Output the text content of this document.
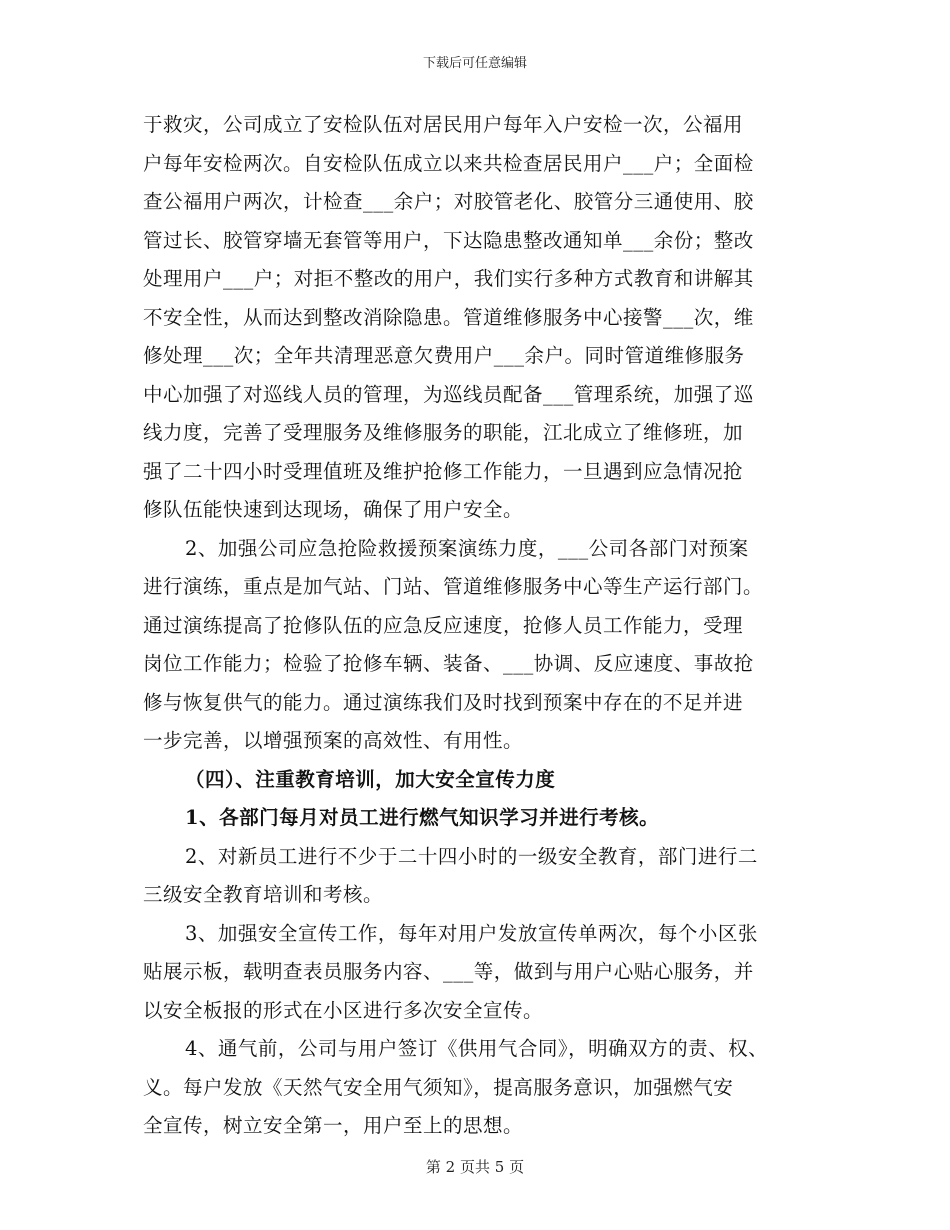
下载后可任意编辑
于救灾，公司成立了安检队伍对居民用户每年入户安检一次，公福用
户每年安检两次。自安检队伍成立以来共检查居民用户___户；全面检
查公福用户两次，计检查___余户；对胶管老化、胶管分三通使用、胶
管过长、胶管穿墙无套管等用户，下达隐患整改通知单___余份；整改
处理用户___户；对拒不整改的用户，我们实行多种方式教育和讲解其
不安全性，从而达到整改消除隐患。管道维修服务中心接警___次，维
修处理___次；全年共清理恶意欠费用户___余户。同时管道维修服务
中心加强了对巡线人员的管理，为巡线员配备___管理系统，加强了巡
线力度，完善了受理服务及维修服务的职能，江北成立了维修班，加
强了二十四小时受理值班及维护抢修工作能力，一旦遇到应急情况抢
修队伍能快速到达现场，确保了用户安全。
2、加强公司应急抢险救援预案演练力度，___公司各部门对预案
进行演练，重点是加气站、门站、管道维修服务中心等生产运行部门。
通过演练提高了抢修队伍的应急反应速度，抢修人员工作能力，受理
岗位工作能力；检验了抢修车辆、装备、___协调、反应速度、事故抢
修与恢复供气的能力。通过演练我们及时找到预案中存在的不足并进
一步完善，以增强预案的高效性、有用性。
（四）、注重教育培训，加大安全宣传力度
1、各部门每月对员工进行燃气知识学习并进行考核。
2、对新员工进行不少于二十四小时的一级安全教育，部门进行二
三级安全教育培训和考核。
3、加强安全宣传工作，每年对用户发放宣传单两次，每个小区张
贴展示板，载明查表员服务内容、___等，做到与用户心贴心服务，并
以安全板报的形式在小区进行多次安全宣传。
4、通气前，公司与用户签订《供用气合同》，明确双方的责、权、
义。每户发放《天然气安全用气须知》，提高服务意识，加强燃气安
全宣传，树立安全第一，用户至上的思想。
第 2 页共 5 页
